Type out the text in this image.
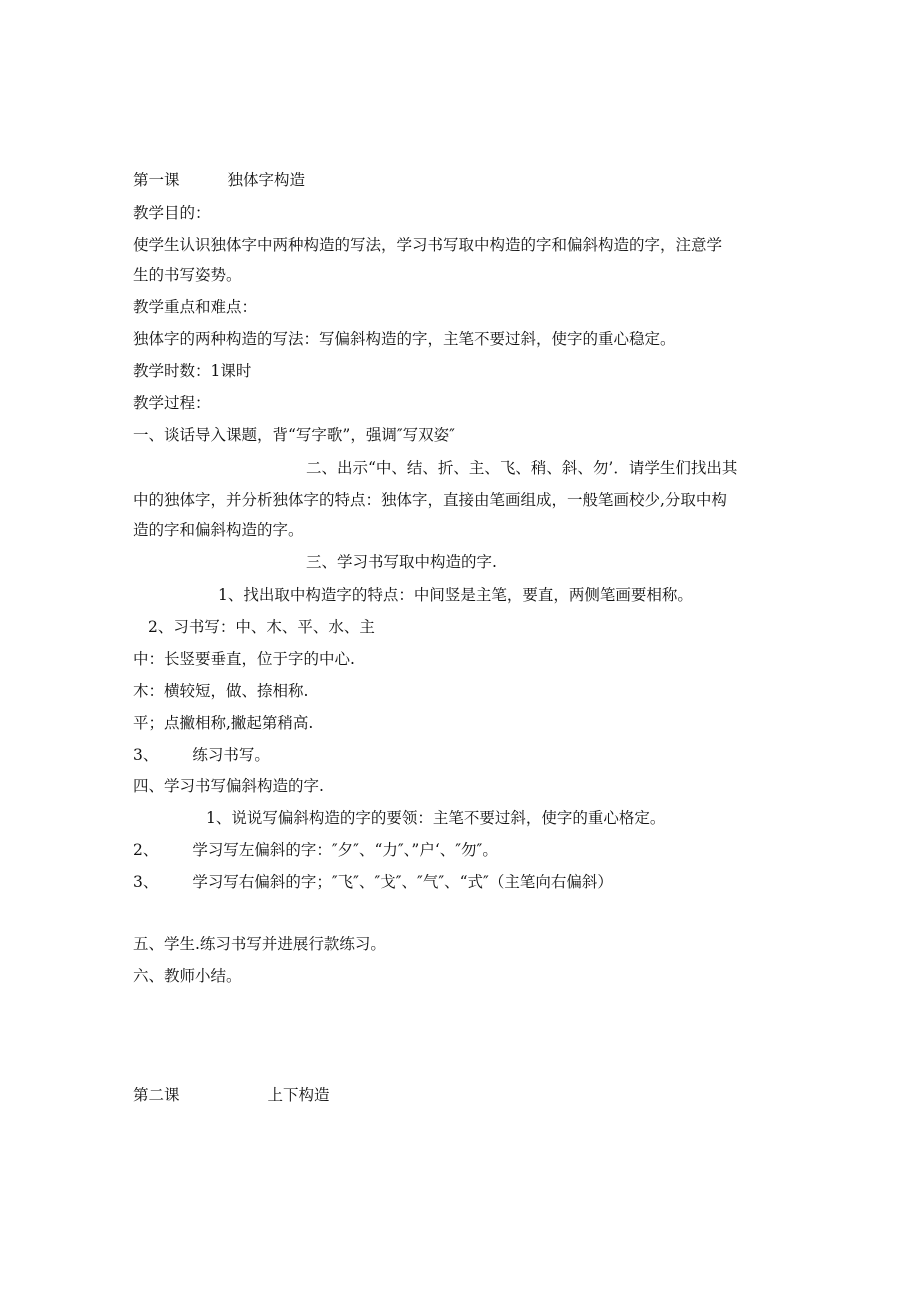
第一课	独体字构造

教学目的：

使学生认识独体字中两种构造的写法，学习书写取中构造的字和偏斜构造的字，注意学

生的书写姿势。

教学重点和难点：

独体字的两种构造的写法：写偏斜构造的字，主笔不要过斜，使字的重心稳定。

教学时数：1课时

教学过程：

一、谈话导入课题，背“写字歌”，强调″写双姿″

二、出示“中、结、折、主、飞、稍、斜、勿’．请学生们找出其

中的独体字，并分析独体字的特点：独体字，直接由笔画组成，一般笔画校少,分取中构

造的字和偏斜构造的字。

三、学习书写取中构造的字.

1、找出取中构造字的特点：中间竖是主笔，要直，两侧笔画要相称。

2、习书写：中、木、平、水、主

中：长竖要垂直，位于字的中心.

木：横较短，做、捺相称.

平；点撇相称,撇起第稍高.

3、 练习书写。

四、学习书写偏斜构造的字.

1、说说写偏斜构造的字的要领：主笔不要过斜，使字的重心格定。

2、 学习写左偏斜的字：″夕″、“力″、”户‘、″勿″。

3、 学习写右偏斜的字；″飞″、″戈″、″气″、“式″（主笔向右偏斜）

五、学生.练习书写并进展行款练习。

六、教师小结。

第二课	上下构造
